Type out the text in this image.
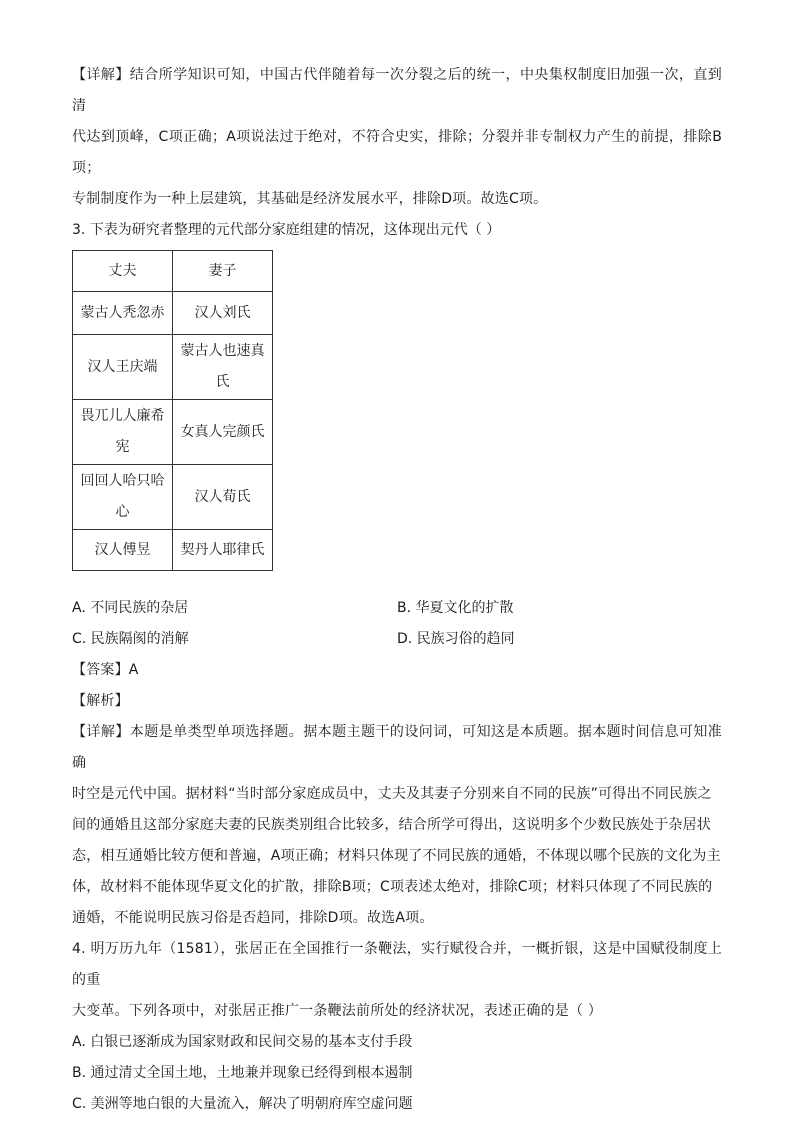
【详解】结合所学知识可知，中国古代伴随着每一次分裂之后的统一，中央集权制度旧加强一次，直到清

代达到顶峰，C项正确；A项说法过于绝对，不符合史实，排除；分裂并非专制权力产生的前提，排除B项；

专制制度作为一种上层建筑，其基础是经济发展水平，排除D项。故选C项。

3. 下表为研究者整理的元代部分家庭组建的情况，这体现出元代（ ）

丈夫	妻子
蒙古人秃忽赤	汉人刘氏
汉人王庆端	蒙古人也速真氏
畏兀儿人廉希宪	女真人完颜氏
回回人哈只哈心	汉人荀氏
汉人傅昱	契丹人耶律氏
A. 不同民族的杂居	B. 华夏文化的扩散
C. 民族隔阂的消解	D. 民族习俗的趋同

【答案】A

【解析】

【详解】本题是单类型单项选择题。据本题主题干的设问词，可知这是本质题。据本题时间信息可知准确

时空是元代中国。据材料“当时部分家庭成员中，丈夫及其妻子分别来自不同的民族”可得出不同民族之

间的通婚且这部分家庭夫妻的民族类别组合比较多，结合所学可得出，这说明多个少数民族处于杂居状

态，相互通婚比较方便和普遍，A项正确；材料只体现了不同民族的通婚，不体现以哪个民族的文化为主

体，故材料不能体现华夏文化的扩散，排除B项；C项表述太绝对，排除C项；材料只体现了不同民族的

通婚，不能说明民族习俗是否趋同，排除D项。故选A项。

4. 明万历九年（1581），张居正在全国推行一条鞭法，实行赋役合并，一概折银，这是中国赋役制度上的重

大变革。下列各项中，对张居正推广一条鞭法前所处的经济状况，表述正确的是（ ）

A. 白银已逐渐成为国家财政和民间交易的基本支付手段

B. 通过清丈全国土地，土地兼并现象已经得到根本遏制

C. 美洲等地白银的大量流入，解决了明朝府库空虚问题
